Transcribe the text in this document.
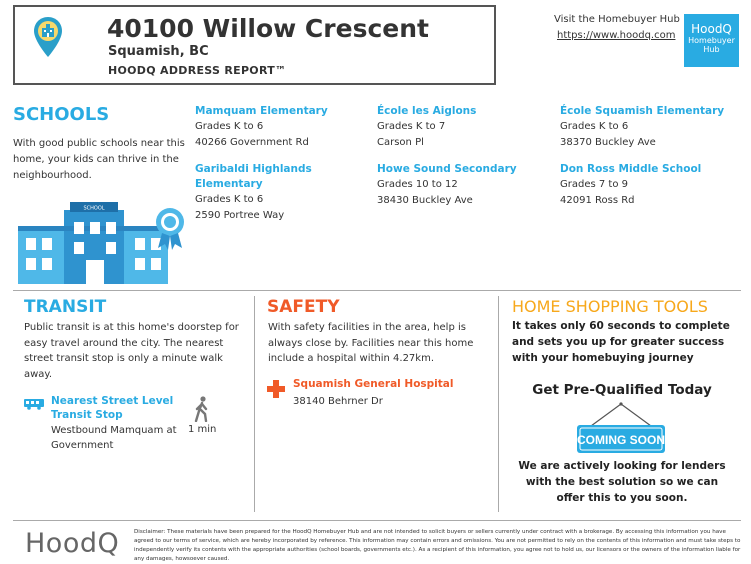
40100 Willow Crescent
Squamish, BC
HOODQ ADDRESS REPORT™
Visit the Homebuyer Hub
https://www.hoodq.com	HoodQ
Homebuyer Hub
SCHOOLS
With good public schools near this home, your kids can thrive in the neighbourhood.
Mamquam Elementary
Grades K to 6
40266 Government Rd
École les Aiglons
Grades K to 7
Carson Pl
École Squamish Elementary
Grades K to 6
38370 Buckley Ave
Garibaldi Highlands Elementary
Grades K to 6
2590 Portree Way
Howe Sound Secondary
Grades 10 to 12
38430 Buckley Ave
Don Ross Middle School
Grades 7 to 9
42091 Ross Rd
SCHOOL
TRANSIT
Public transit is at this home's doorstep for easy travel around the city. The nearest street transit stop is only a minute walk away.
Nearest Street Level Transit Stop
Westbound Mamquam at Government
1 min
SAFETY
With safety facilities in the area, help is always close by. Facilities near this home include a hospital within 4.27km.
Squamish General Hospital
38140 Behrner Dr
HOME SHOPPING TOOLS
It takes only 60 seconds to complete and sets you up for greater success with your homebuying journey
Get Pre-Qualified Today
COMING SOON
We are actively looking for lenders with the best solution so we can offer this to you soon.
HoodQ	Disclaimer: These materials have been prepared for the HoodQ Homebuyer Hub and are not intended to solicit buyers or sellers currently under contract with a brokerage. By accessing this information you have agreed to our terms of service, which are hereby incorporated by reference. This information may contain errors and omissions. You are not permitted to rely on the contents of this information and must take steps to independently verify its contents with the appropriate authorities (school boards, governments etc.). As a recipient of this information, you agree not to hold us, our licensors or the owners of the information liable for any damages, howsoever caused.
